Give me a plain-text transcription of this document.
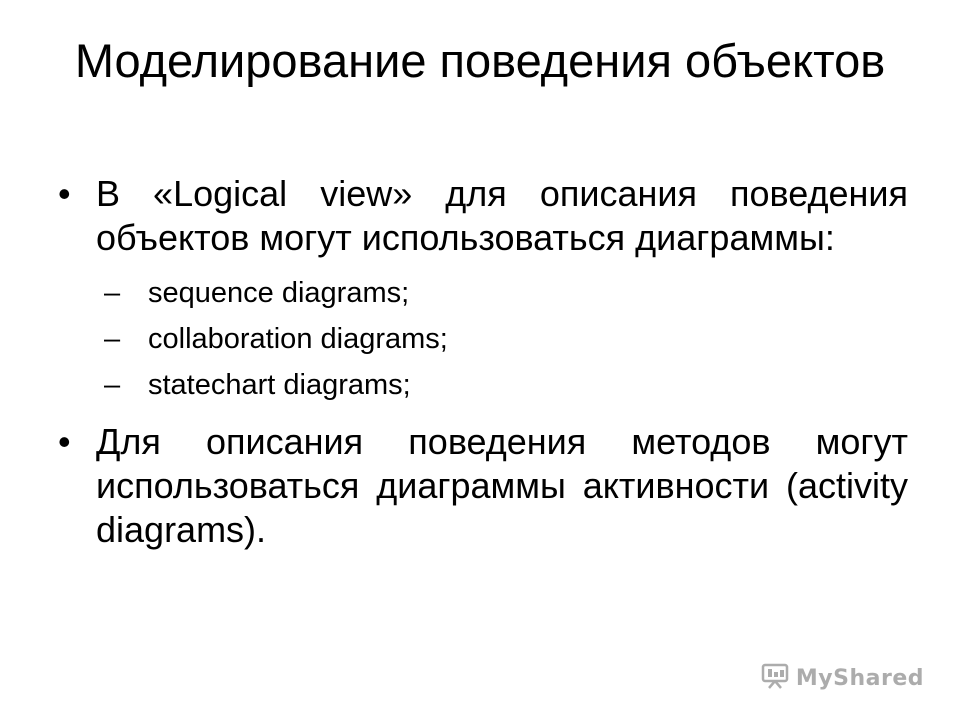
Моделирование поведения объектов
• В «Logical view» для описания поведения объектов могут использоваться диаграммы:
– sequence diagrams;
– collaboration diagrams;
– statechart diagrams;
• Для описания поведения методов могут использоваться диаграммы активности (activity diagrams).
MyShared
